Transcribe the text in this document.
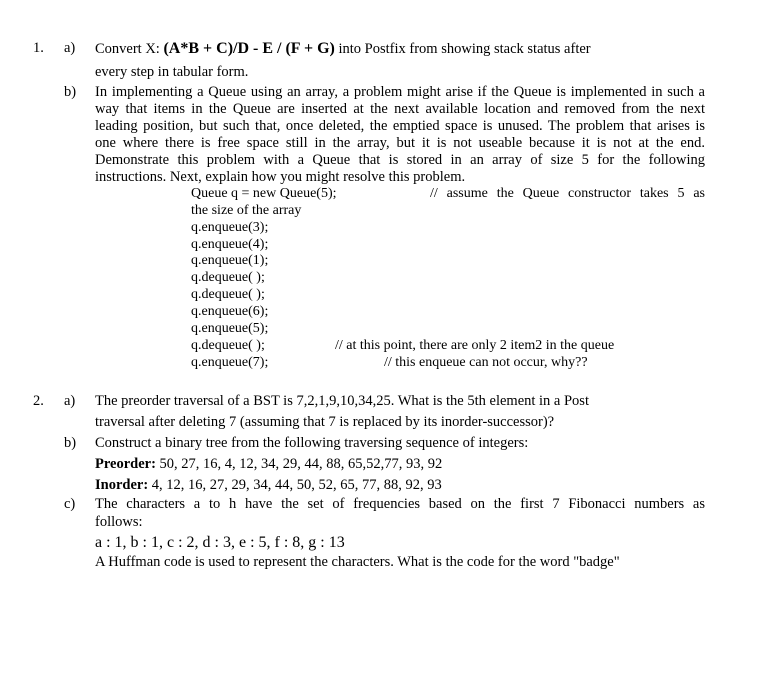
1. a) Convert X: (A*B + C)/D - E / (F + G) into Postfix from showing stack status after
every step in tabular form.
b) In implementing a Queue using an array, a problem might arise if the Queue is implemented in such a
way that items in the Queue are inserted at the next available location and removed from the next
leading position, but such that, once deleted, the emptied space is unused. The problem that arises is
one where there is free space still in the array, but it is not useable because it is not at the end.
Demonstrate this problem with a Queue that is stored in an array of size 5 for the following
instructions. Next, explain how you might resolve this problem.
Queue q = new Queue(5);	// assume the Queue constructor takes 5 as
the size of the array
q.enqueue(3);
q.enqueue(4);
q.enqueue(1);
q.dequeue( );
q.dequeue( );
q.enqueue(6);
q.enqueue(5);
q.dequeue( );	// at this point, there are only 2 item2 in the queue
q.enqueue(7);	// this enqueue can not occur, why??
2. a) The preorder traversal of a BST is 7,2,1,9,10,34,25. What is the 5th element in a Post
traversal after deleting 7 (assuming that 7 is replaced by its inorder-successor)?
b) Construct a binary tree from the following traversing sequence of integers:
Preorder: 50, 27, 16, 4, 12, 34, 29, 44, 88, 65,52,77, 93, 92
Inorder: 4, 12, 16, 27, 29, 34, 44, 50, 52, 65, 77, 88, 92, 93
c) The characters a to h have the set of frequencies based on the first 7 Fibonacci numbers as
follows:
a : 1, b : 1, c : 2, d : 3, e : 5, f : 8, g : 13
A Huffman code is used to represent the characters. What is the code for the word "badge"
